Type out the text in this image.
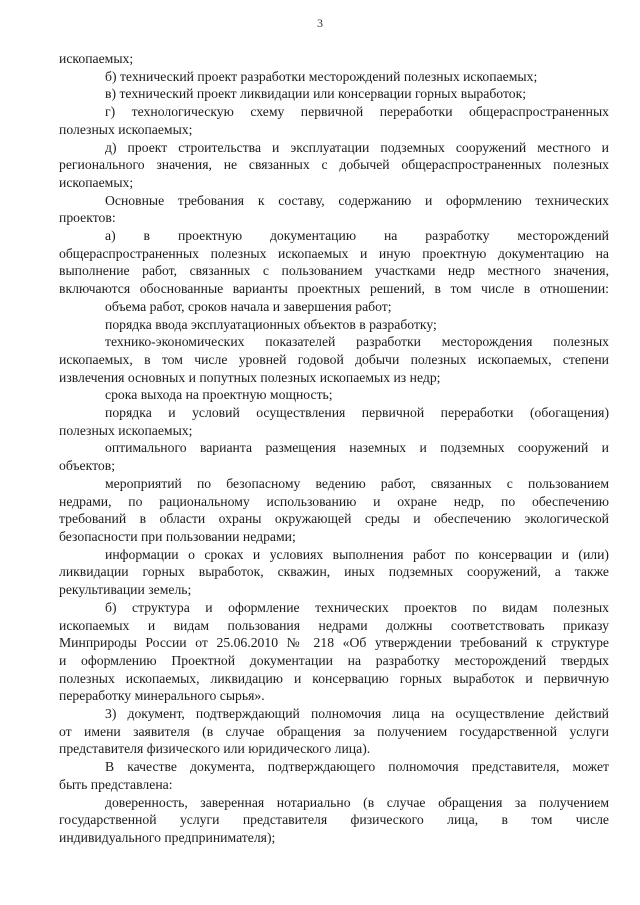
3
ископаемых;
б) технический проект разработки месторождений полезных ископаемых;
в) технический проект ликвидации или консервации горных выработок;
г) технологическую схему первичной переработки общераспространенных
полезных ископаемых;
д) проект строительства и эксплуатации подземных сооружений местного и
регионального значения, не связанных с добычей общераспространенных полезных
ископаемых;
Основные требования к составу, содержанию и оформлению технических
проектов:
а) в проектную документацию на разработку месторождений
общераспространенных полезных ископаемых и иную проектную документацию на
выполнение работ, связанных с пользованием участками недр местного значения,
включаются обоснованные варианты проектных решений, в том числе в отношении:
объема работ, сроков начала и завершения работ;
порядка ввода эксплуатационных объектов в разработку;
технико-экономических показателей разработки месторождения полезных
ископаемых, в том числе уровней годовой добычи полезных ископаемых, степени
извлечения основных и попутных полезных ископаемых из недр;
срока выхода на проектную мощность;
порядка и условий осуществления первичной переработки (обогащения)
полезных ископаемых;
оптимального варианта размещения наземных и подземных сооружений и
объектов;
мероприятий по безопасному ведению работ, связанных с пользованием
недрами, по рациональному использованию и охране недр, по обеспечению
требований в области охраны окружающей среды и обеспечению экологической
безопасности при пользовании недрами;
информации о сроках и условиях выполнения работ по консервации и (или)
ликвидации горных выработок, скважин, иных подземных сооружений, а также
рекультивации земель;
б) структура и оформление технических проектов по видам полезных
ископаемых и видам пользования недрами должны соответствовать приказу
Минприроды России от 25.06.2010 № 218 «Об утверждении требований к структуре
и оформлению Проектной документации на разработку месторождений твердых
полезных ископаемых, ликвидацию и консервацию горных выработок и первичную
переработку минерального сырья».
3) документ, подтверждающий полномочия лица на осуществление действий
от имени заявителя (в случае обращения за получением государственной услуги
представителя физического или юридического лица).
В качестве документа, подтверждающего полномочия представителя, может
быть представлена:
доверенность, заверенная нотариально (в случае обращения за получением
государственной услуги представителя физического лица, в том числе
индивидуального предпринимателя);
